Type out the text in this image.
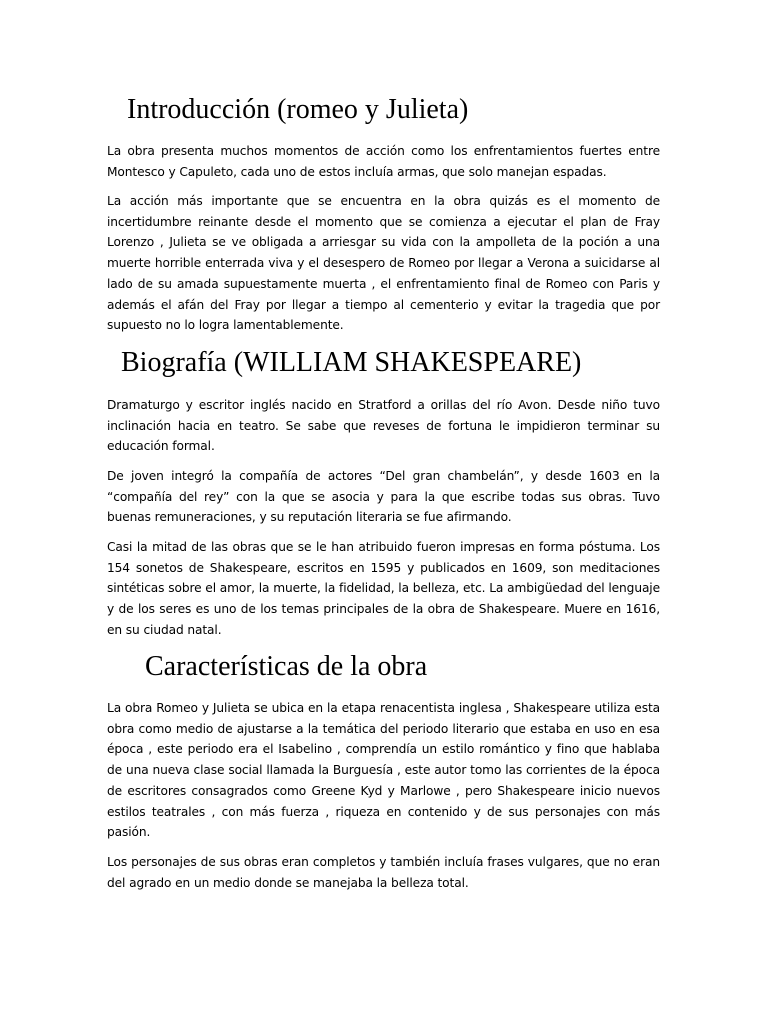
Introducción (romeo y Julieta)

La obra presenta muchos momentos de acción como los enfrentamientos fuertes entre Montesco y Capuleto, cada uno de estos incluía armas, que solo manejan espadas.

La acción más importante que se encuentra en la obra quizás es el momento de incertidumbre reinante desde el momento que se comienza a ejecutar el plan de Fray Lorenzo , Julieta se ve obligada a arriesgar su vida con la ampolleta de la poción a una muerte horrible enterrada viva y el desespero de Romeo por llegar a Verona a suicidarse al lado de su amada supuestamente muerta , el enfrentamiento final de Romeo con Paris y además el afán del Fray por llegar a tiempo al cementerio y evitar la tragedia que por supuesto no lo logra lamentablemente.

Biografía (WILLIAM SHAKESPEARE)

Dramaturgo y escritor inglés nacido en Stratford a orillas del río Avon. Desde niño tuvo inclinación hacia en teatro. Se sabe que reveses de fortuna le impidieron terminar su educación formal.

De joven integró la compañía de actores “Del gran chambelán”, y desde 1603 en la “compañía del rey” con la que se asocia y para la que escribe todas sus obras. Tuvo buenas remuneraciones, y su reputación literaria se fue afirmando.

Casi la mitad de las obras que se le han atribuido fueron impresas en forma póstuma. Los 154 sonetos de Shakespeare, escritos en 1595 y publicados en 1609, son meditaciones sintéticas sobre el amor, la muerte, la fidelidad, la belleza, etc. La ambigüedad del lenguaje y de los seres es uno de los temas principales de la obra de Shakespeare. Muere en 1616, en su ciudad natal.

Características de la obra

La obra Romeo y Julieta se ubica en la etapa renacentista inglesa , Shakespeare utiliza esta obra como medio de ajustarse a la temática del periodo literario que estaba en uso en esa época , este periodo era el Isabelino , comprendía un estilo romántico y fino que hablaba de una nueva clase social llamada la Burguesía , este autor tomo las corrientes de la época de escritores consagrados como Greene Kyd y Marlowe , pero Shakespeare inicio nuevos estilos teatrales , con más fuerza , riqueza en contenido y de sus personajes con más pasión.

Los personajes de sus obras eran completos y también incluía frases vulgares, que no eran del agrado en un medio donde se manejaba la belleza total.
